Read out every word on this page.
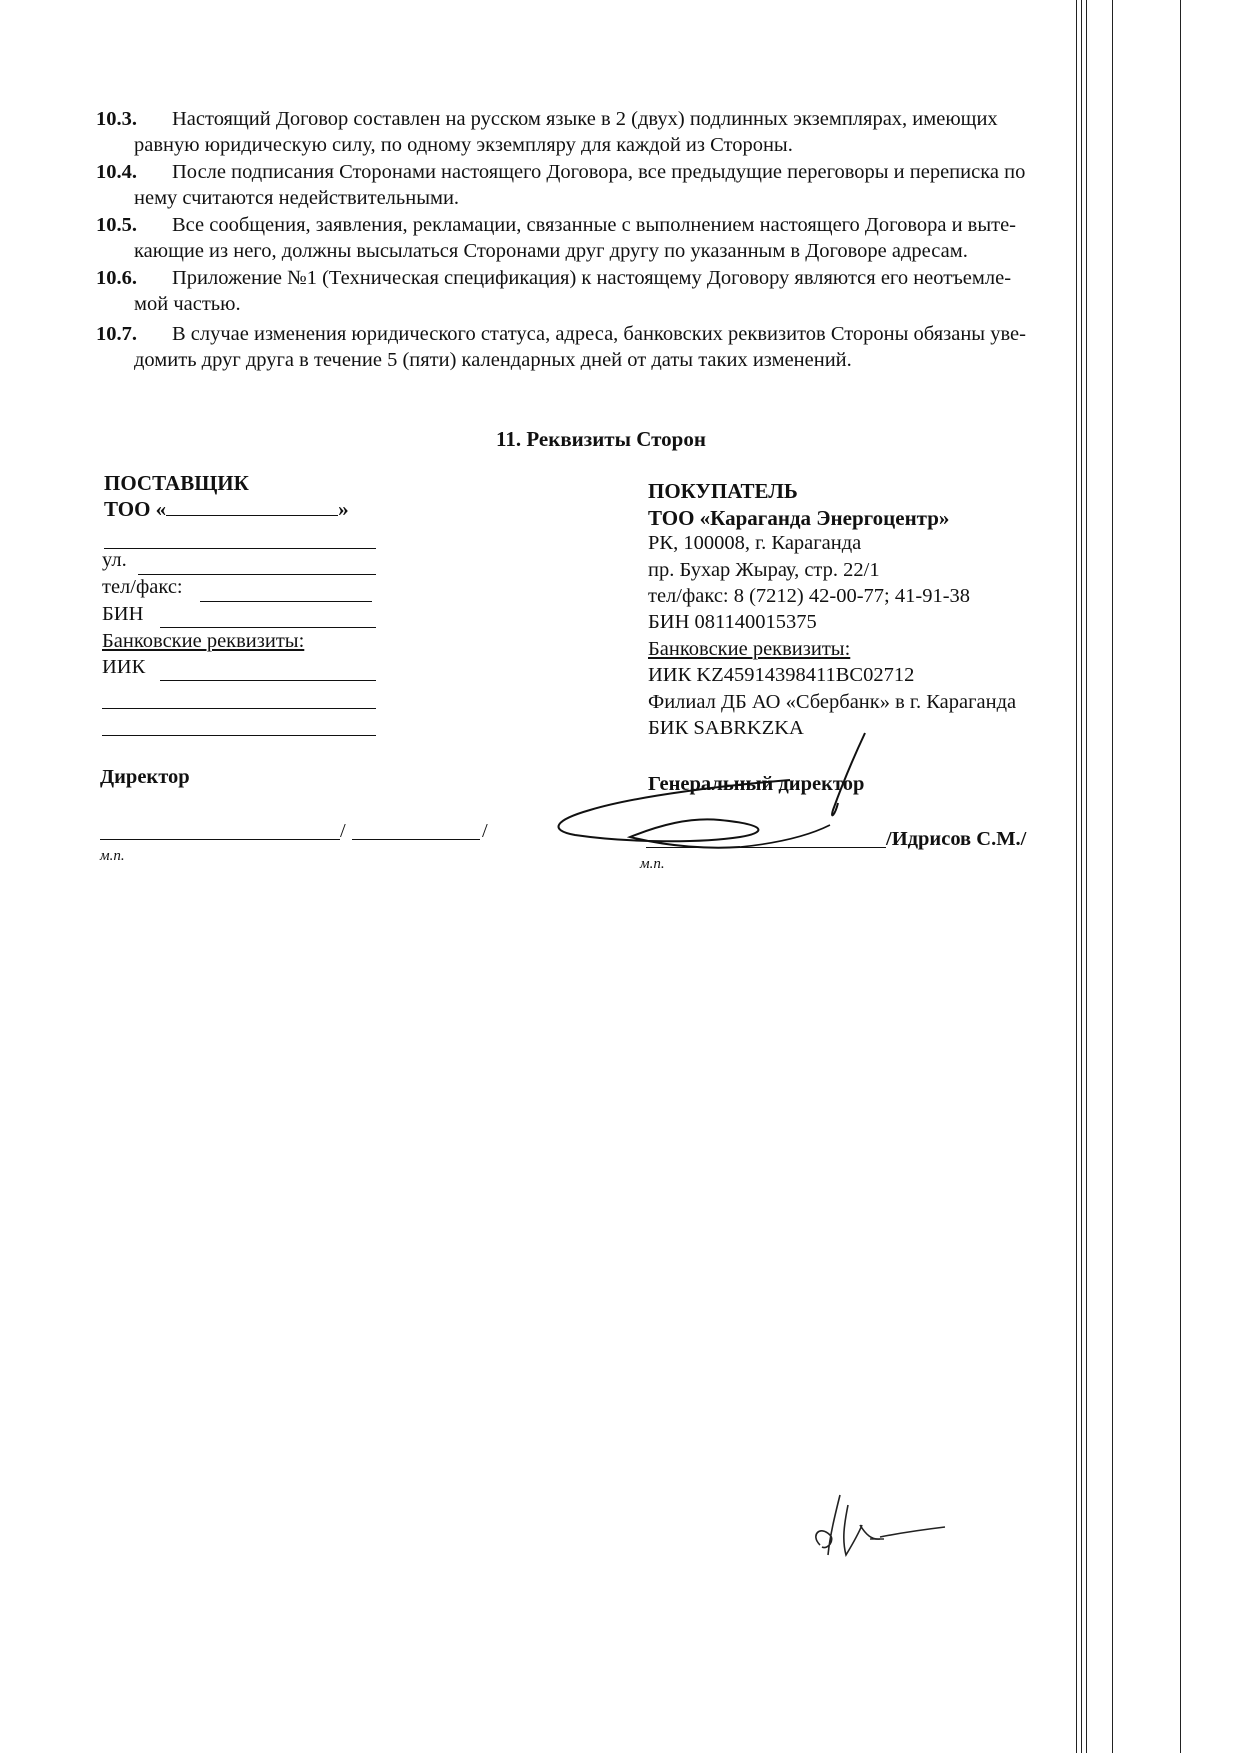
10.3. Настоящий Договор составлен на русском языке в 2 (двух) подлинных экземплярах, имеющих
равную юридическую силу, по одному экземпляру для каждой из Стороны.
10.4. После подписания Сторонами настоящего Договора, все предыдущие переговоры и переписка по
нему считаются недействительными.
10.5. Все сообщения, заявления, рекламации, связанные с выполнением настоящего Договора и выте-
кающие из него, должны высылаться Сторонами друг другу по указанным в Договоре адресам.
10.6. Приложение №1 (Техническая спецификация) к настоящему Договору являются его неотъемле-
мой частью.
10.7. В случае изменения юридического статуса, адреса, банковских реквизитов Стороны обязаны уве-
домить друг друга в течение 5 (пяти) календарных дней от даты таких изменений.
11. Реквизиты Сторон
ПОСТАВЩИК
ТОО «	»
ул.
тел/факс:
БИН
Банковские реквизиты:
ИИК
Директор
/	/
м.п.
ПОКУПАТЕЛЬ
ТОО «Караганда Энергоцентр»
РК, 100008, г. Караганда
пр. Бухар Жырау, стр. 22/1
тел/факс: 8 (7212) 42-00-77; 41-91-38
БИН 081140015375
Банковские реквизиты:
ИИК KZ45914398411BC02712
Филиал ДБ АО «Сбербанк» в г. Караганда
БИК SABRKZKA
Генеральный директор
/Идрисов С.М./
м.п.
